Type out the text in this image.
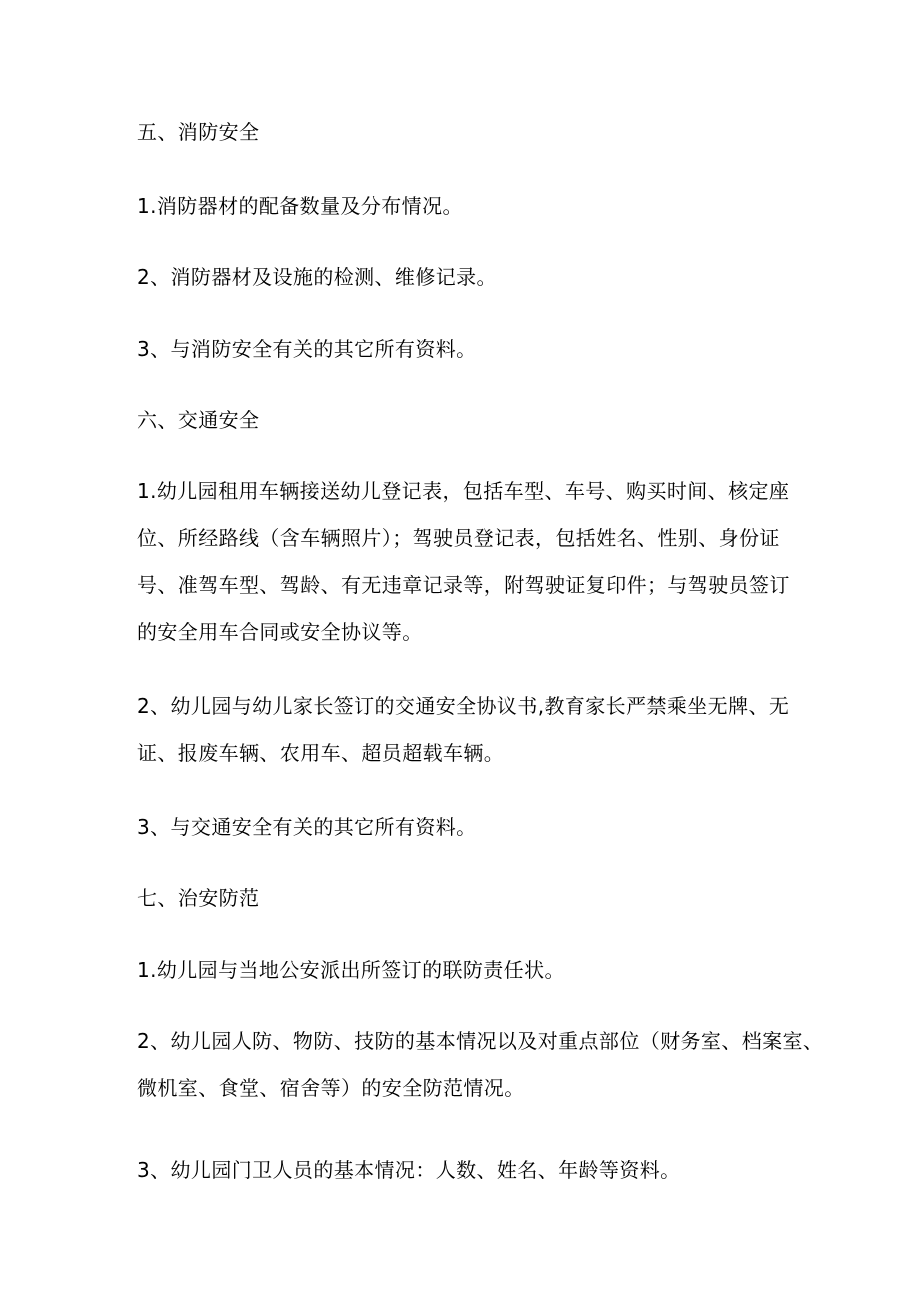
五、消防安全
1.消防器材的配备数量及分布情况。
2、消防器材及设施的检测、维修记录。
3、与消防安全有关的其它所有资料。
六、交通安全
1.幼儿园租用车辆接送幼儿登记表，包括车型、车号、购买时间、核定座
位、所经路线（含车辆照片）；驾驶员登记表，包括姓名、性别、身份证
号、准驾车型、驾龄、有无违章记录等，附驾驶证复印件；与驾驶员签订
的安全用车合同或安全协议等。
2、幼儿园与幼儿家长签订的交通安全协议书,教育家长严禁乘坐无牌、无
证、报废车辆、农用车、超员超载车辆。
3、与交通安全有关的其它所有资料。
七、治安防范
1.幼儿园与当地公安派出所签订的联防责任状。
2、幼儿园人防、物防、技防的基本情况以及对重点部位（财务室、档案室、
微机室、食堂、宿舍等）的安全防范情况。
3、幼儿园门卫人员的基本情况：人数、姓名、年龄等资料。
